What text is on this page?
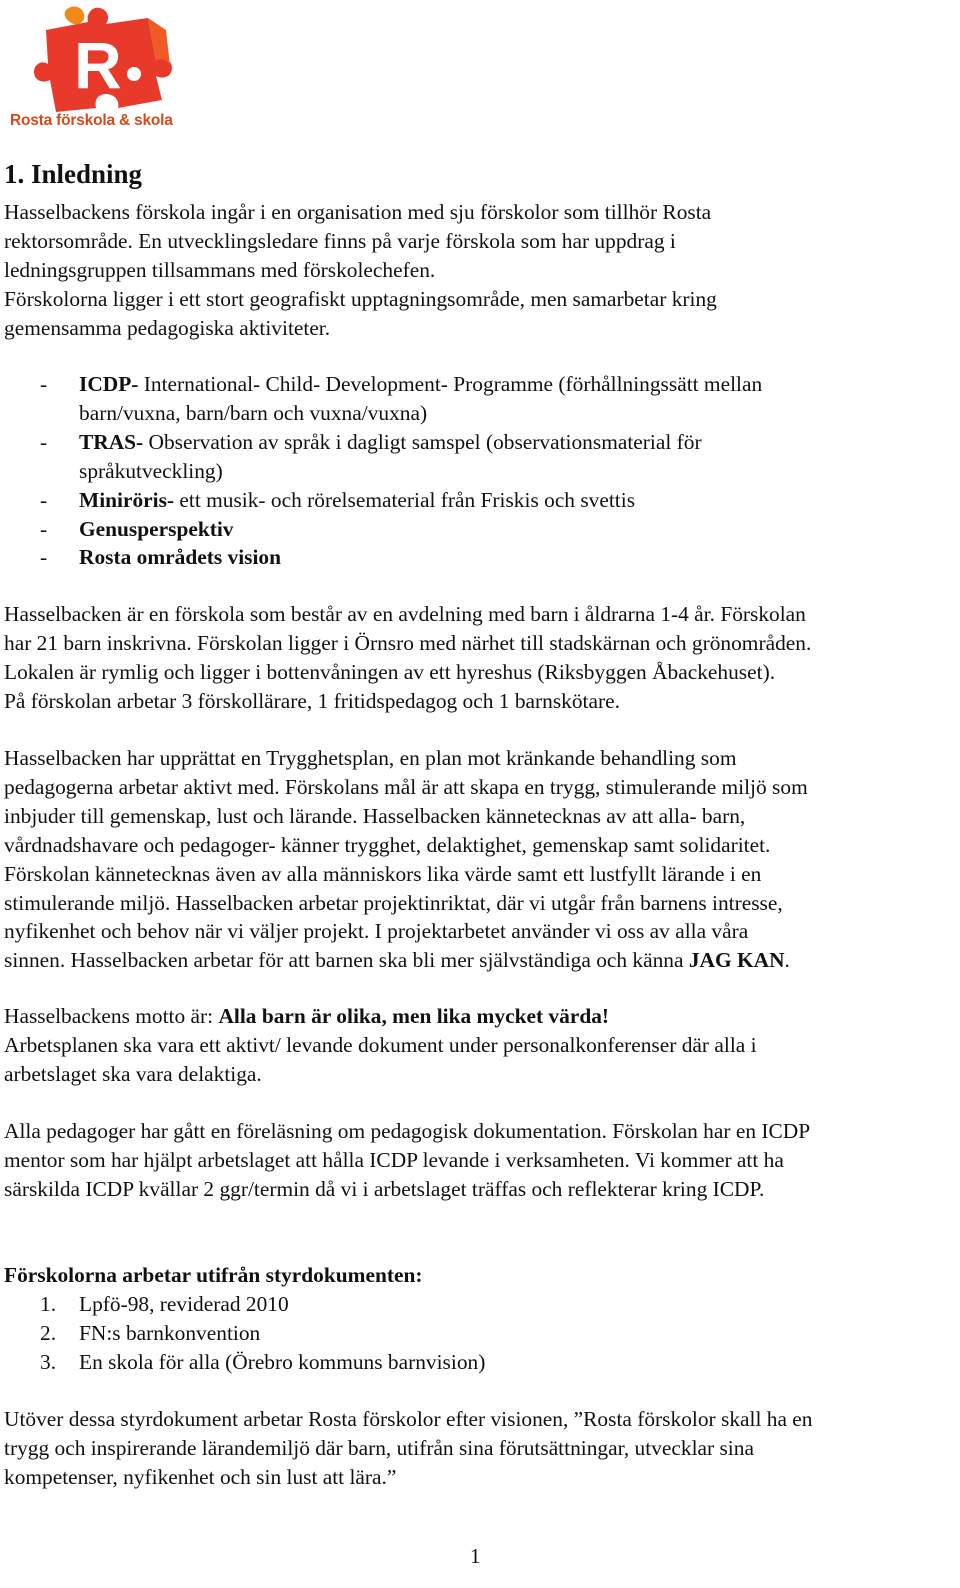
R
Rosta förskola & skola
1. Inledning

Hasselbackens förskola ingår i en organisation med sju förskolor som tillhör Rosta

rektorsområde. En utvecklingsledare finns på varje förskola som har uppdrag i

ledningsgruppen tillsammans med förskolechefen.

Förskolorna ligger i ett stort geografiskt upptagningsområde, men samarbetar kring

gemensamma pedagogiska aktiviteter.

- ICDP- International- Child- Development- Programme (förhållningssätt mellan
barn/vuxna, barn/barn och vuxna/vuxna)
- TRAS- Observation av språk i dagligt samspel (observationsmaterial för
språkutveckling)
- Miniröris- ett musik- och rörelsematerial från Friskis och svettis
- Genusperspektiv
- Rosta områdets vision

Hasselbacken är en förskola som består av en avdelning med barn i åldrarna 1-4 år. Förskolan

har 21 barn inskrivna. Förskolan ligger i Örnsro med närhet till stadskärnan och grönområden.

Lokalen är rymlig och ligger i bottenvåningen av ett hyreshus (Riksbyggen Åbackehuset).

På förskolan arbetar 3 förskollärare, 1 fritidspedagog och 1 barnskötare.

Hasselbacken har upprättat en Trygghetsplan, en plan mot kränkande behandling som

pedagogerna arbetar aktivt med. Förskolans mål är att skapa en trygg, stimulerande miljö som

inbjuder till gemenskap, lust och lärande. Hasselbacken kännetecknas av att alla- barn,

vårdnadshavare och pedagoger- känner trygghet, delaktighet, gemenskap samt solidaritet.

Förskolan kännetecknas även av alla människors lika värde samt ett lustfyllt lärande i en

stimulerande miljö. Hasselbacken arbetar projektinriktat, där vi utgår från barnens intresse,

nyfikenhet och behov när vi väljer projekt. I projektarbetet använder vi oss av alla våra

sinnen. Hasselbacken arbetar för att barnen ska bli mer självständiga och känna JAG KAN.

Hasselbackens motto är: Alla barn är olika, men lika mycket värda!

Arbetsplanen ska vara ett aktivt/ levande dokument under personalkonferenser där alla i

arbetslaget ska vara delaktiga.

Alla pedagoger har gått en föreläsning om pedagogisk dokumentation. Förskolan har en ICDP

mentor som har hjälpt arbetslaget att hålla ICDP levande i verksamheten. Vi kommer att ha

särskilda ICDP kvällar 2 ggr/termin då vi i arbetslaget träffas och reflekterar kring ICDP.

Förskolorna arbetar utifrån styrdokumenten:

1. Lpfö-98, reviderad 2010
2. FN:s barnkonvention
3. En skola för alla (Örebro kommuns barnvision)

Utöver dessa styrdokument arbetar Rosta förskolor efter visionen, ”Rosta förskolor skall ha en

trygg och inspirerande lärandemiljö där barn, utifrån sina förutsättningar, utvecklar sina

kompetenser, nyfikenhet och sin lust att lära.”

1
